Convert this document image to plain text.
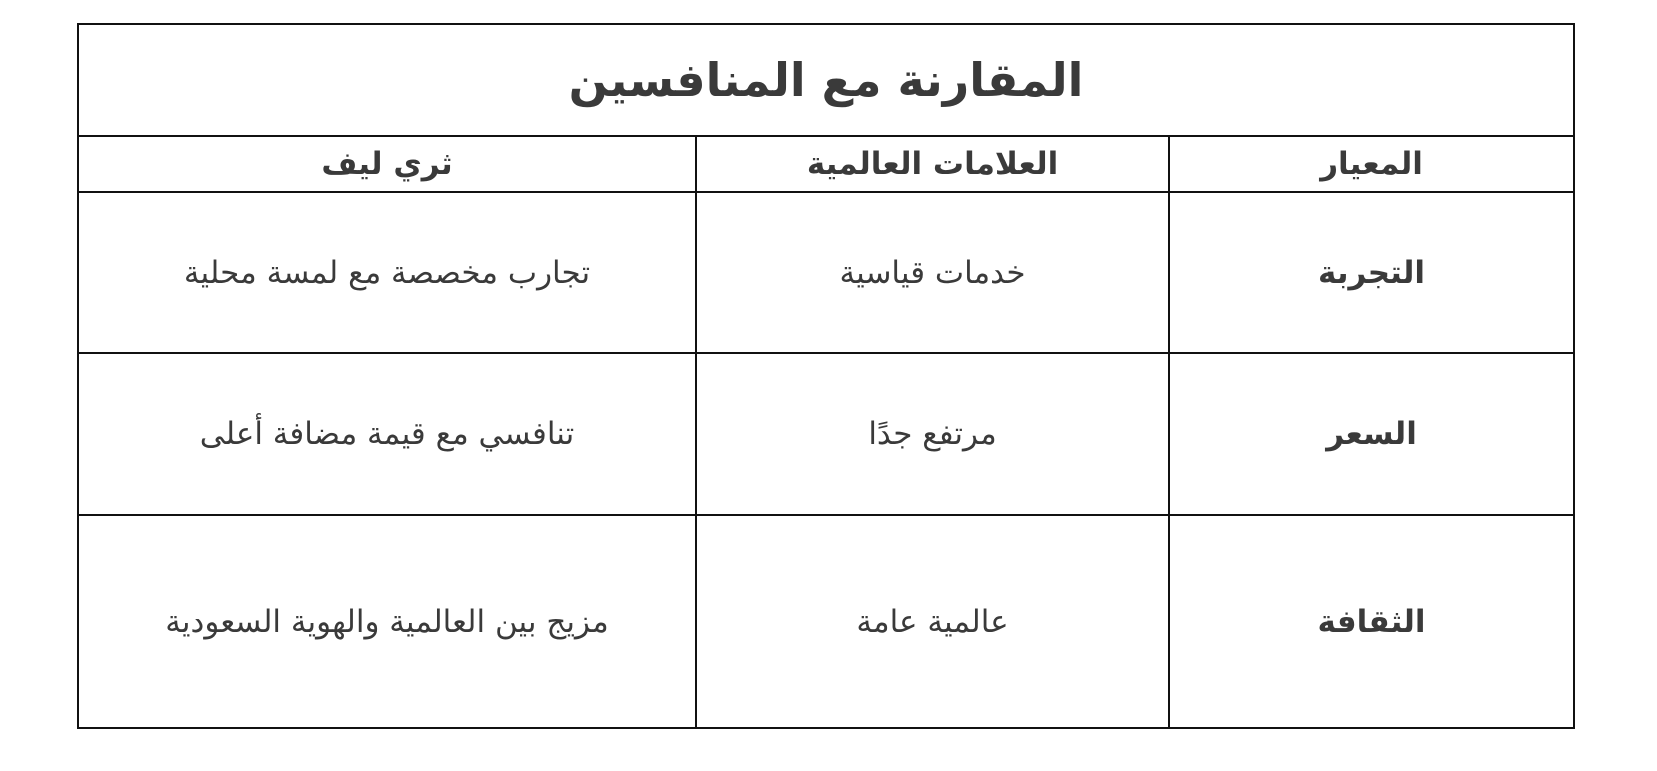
المقارنة مع المنافسين		
المعيار	العلامات العالمية	ثري ليف
التجربة	خدمات قياسية	تجارب مخصصة مع لمسة محلية
السعر	مرتفع جدًا	تنافسي مع قيمة مضافة أعلى
الثقافة	عالمية عامة	مزيج بين العالمية والهوية السعودية
